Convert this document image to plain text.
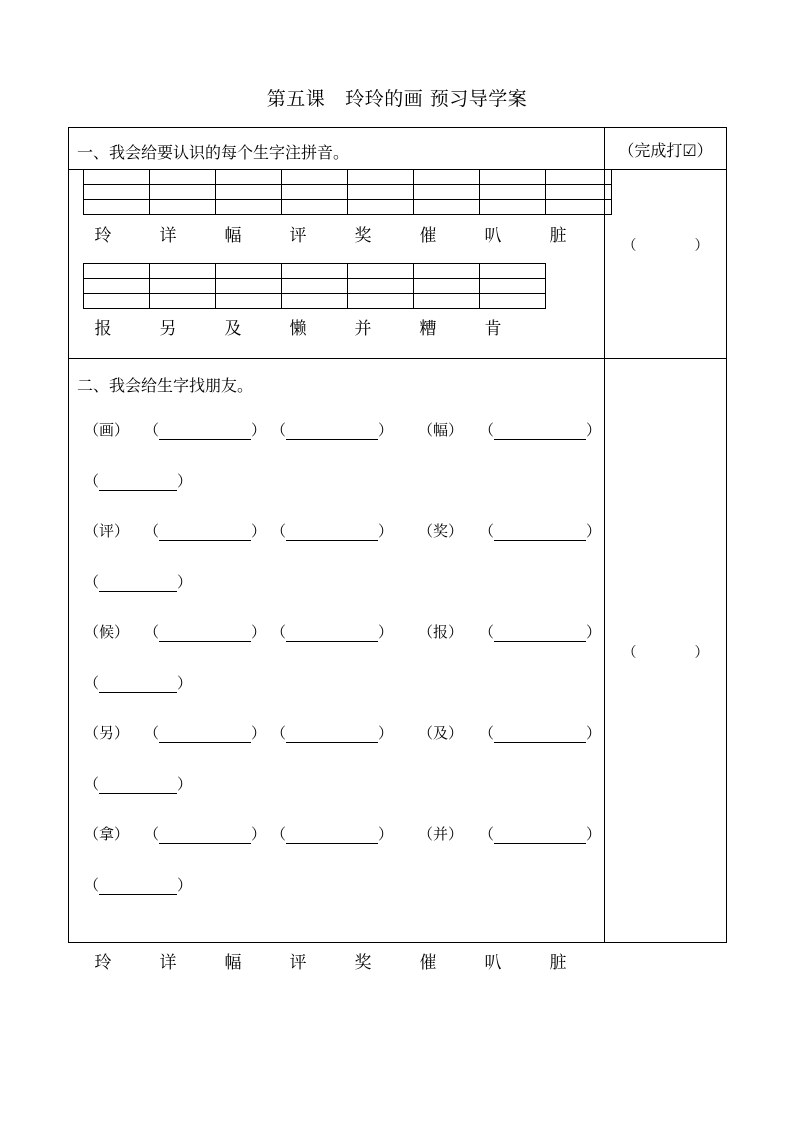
第五课 玲玲的画 预习导学案
一、我会给要认识的每个生字注拼音。	（完成打☑）

玲	详	幅	评	奖	催	叭	脏

报	另	及	懒	并	糟	肯
（	）
二、我会给生字找朋友。
（画） （	） （	） （幅） （	）
（	）
（评） （	） （	） （奖） （	）
（	）
（候） （	） （	） （报） （	）
（	）
（另） （	） （	） （及） （	）
（	）
（拿） （	） （	） （并） （	）
（	）
（	）
玲	详	幅	评	奖	催	叭	脏
